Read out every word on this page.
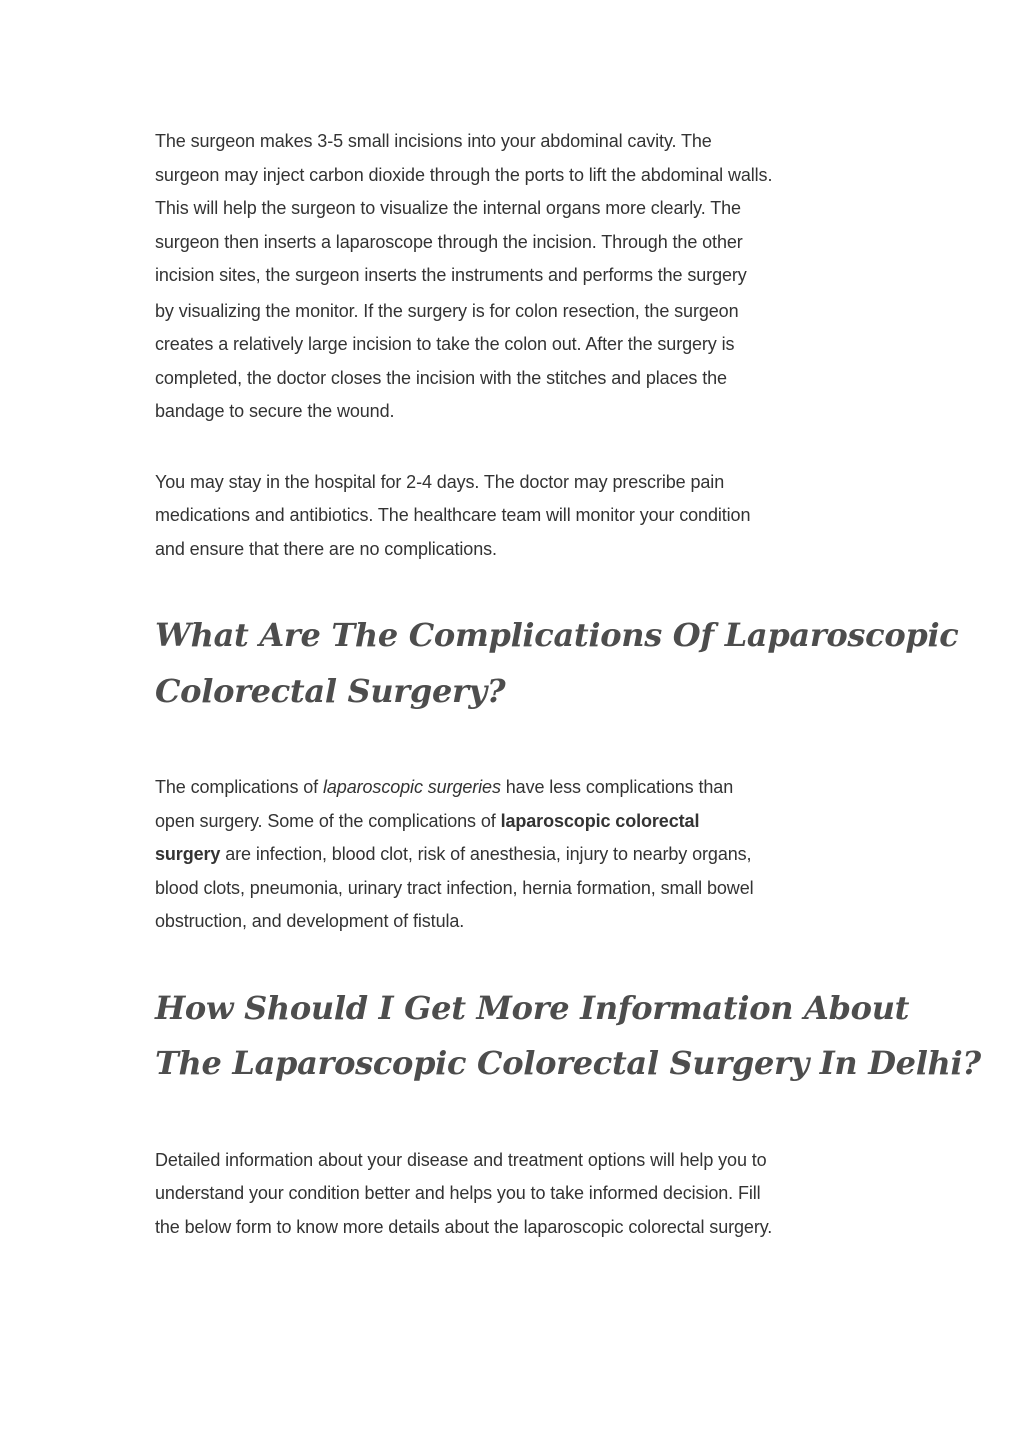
The surgeon makes 3-5 small incisions into your abdominal cavity. The
surgeon may inject carbon dioxide through the ports to lift the abdominal walls.
This will help the surgeon to visualize the internal organs more clearly. The
surgeon then inserts a laparoscope through the incision. Through the other
incision sites, the surgeon inserts the instruments and performs the surgery
by visualizing the monitor. If the surgery is for colon resection, the surgeon
creates a relatively large incision to take the colon out. After the surgery is
completed, the doctor closes the incision with the stitches and places the
bandage to secure the wound.

You may stay in the hospital for 2-4 days. The doctor may prescribe pain
medications and antibiotics. The healthcare team will monitor your condition
and ensure that there are no complications.

What Are The Complications Of Laparoscopic
Colorectal Surgery?

The complications of laparoscopic surgeries have less complications than
open surgery. Some of the complications of laparoscopic colorectal
surgery are infection, blood clot, risk of anesthesia, injury to nearby organs,
blood clots, pneumonia, urinary tract infection, hernia formation, small bowel
obstruction, and development of fistula.

How Should I Get More Information About
The Laparoscopic Colorectal Surgery In Delhi?

Detailed information about your disease and treatment options will help you to
understand your condition better and helps you to take informed decision. Fill
the below form to know more details about the laparoscopic colorectal surgery.
